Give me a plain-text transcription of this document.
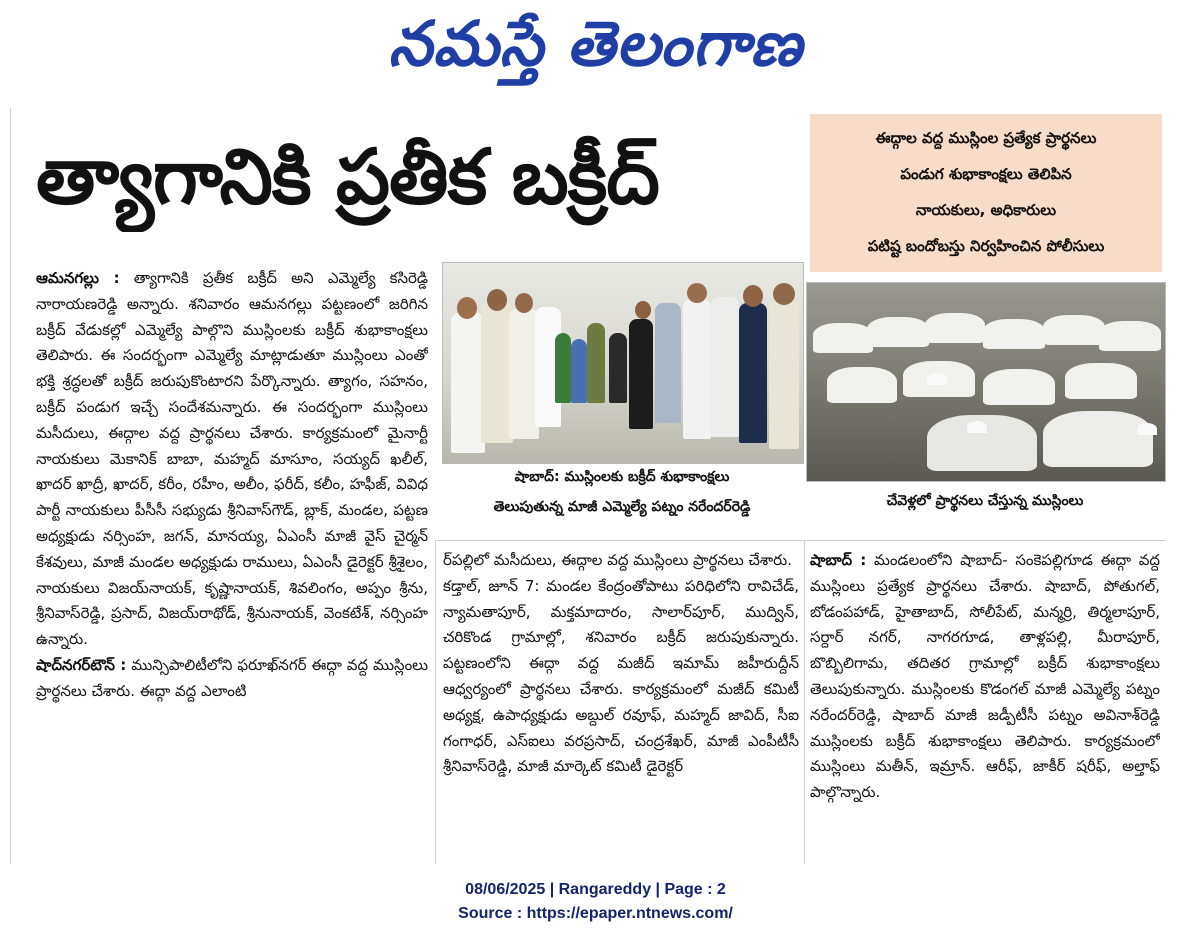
నమస్తే తెలంగాణ
త్యాగానికి ప్రతీక బక్రీద్	ఈద్గాల వద్ద ముస్లింల ప్రత్యేక ప్రార్థనలు
పండుగ శుభాకాంక్షలు తెలిపిన
నాయకులు, అధికారులు
పటిష్ట బందోబస్తు నిర్వహించిన పోలీసులు
షాబాద్: ముస్లింలకు బక్రీద్ శుభాకాంక్షలు
తెలుపుతున్న మాజీ ఎమ్మెల్యే పట్నం నరేందర్‌రెడ్డి	చేవెళ్లలో ప్రార్థనలు చేస్తున్న ముస్లింలు

ఆమనగల్లు : త్యాగానికి ప్రతీక బక్రీద్ అని ఎమ్మెల్యే కసిరెడ్డి నారాయణరెడ్డి అన్నారు. శనివారం ఆమనగల్లు పట్టణంలో జరిగిన బక్రీద్ వేడుకల్లో ఎమ్మెల్యే పాల్గొని ముస్లింలకు బక్రీద్ శుభాకాంక్షలు తెలిపారు. ఈ సందర్భంగా ఎమ్మెల్యే మాట్లాడుతూ ముస్లింలు ఎంతో భక్తి శ్రద్ధలతో బక్రీద్ జరుపుకొంటారని పేర్కొన్నారు. త్యాగం, సహనం, బక్రీద్ పండుగ ఇచ్చే సందేశమన్నారు. ఈ సందర్భంగా ముస్లింలు మసీదులు, ఈద్గాల వద్ద ప్రార్థనలు చేశారు. కార్యక్రమంలో మైనార్టీ నాయకులు మెకానిక్ బాబా, మహ్మద్ మాసూం, సయ్యద్ ఖలీల్, ఖాదర్ ఖాద్రీ, ఖాదర్, కరీం, రహీం, అలీం, ఫరీద్, కలీం, హఫీజ్, వివిధ పార్టీ నాయకులు పీసీసీ సభ్యుడు శ్రీనివాస్‌గౌడ్, బ్లాక్, మండల, పట్టణ అధ్యక్షుడు నర్సింహ, జగన్, మానయ్య, ఏఎంసీ మాజీ వైస్ చైర్మన్ కేశవులు, మాజీ మండల అధ్యక్షుడు రాములు, ఏఎంసీ డైరెక్టర్ శ్రీశైలం, నాయకులు విజయ్‌నాయక్, కృష్ణానాయక్, శివలింగం, అప్పం శ్రీను, శ్రీనివాస్‌రెడ్డి, ప్రసాద్, విజయ్‌రాథోడ్, శ్రీనునాయక్, వెంకటేశ్, నర్సింహ ఉన్నారు.

షాద్‌నగర్‌టౌన్ : మున్సిపాలిటీలోని ఫరూఖ్‌నగర్ ఈద్గా వద్ద ముస్లింలు ప్రార్థనలు చేశారు. ఈద్గా వద్ద ఎలాంటి

ర్‌పల్లిలో మసీదులు, ఈద్గాల వద్ద ముస్లింలు ప్రార్థనలు చేశారు.

కడ్తాల్, జూన్ 7: మండల కేంద్రంతోపాటు పరిధిలోని రావిచేడ్, న్యామతాపూర్, మక్తమాదారం, సాలార్‌పూర్, ముద్విన్, చరికొండ గ్రామాల్లో, శనివారం బక్రీద్ జరుపుకున్నారు. పట్టణంలోని ఈద్గా వద్ద మజీద్ ఇమామ్ జహీరుద్దీన్ ఆధ్వర్యంలో ప్రార్థనలు చేశారు. కార్యక్రమంలో మజీద్ కమిటీ అధ్యక్ష, ఉపాధ్యక్షుడు అబ్దుల్ రవూఫ్, మహ్మద్ జావిద్, సీఐ గంగాధర్, ఎస్‌ఐలు వరప్రసాద్, చంద్రశేఖర్, మాజీ ఎంపీటీసీ శ్రీనివాస్‌రెడ్డి, మాజీ మార్కెట్ కమిటీ డైరెక్టర్

షాబాద్ : మండలంలోని షాబాద్‌- సంకెపల్లిగూడ ఈద్గా వద్ద ముస్లింలు ప్రత్యేక ప్రార్థనలు చేశారు. షాబాద్, పోతుగల్, బోడంపహాడ్, హైతాబాద్, సోలీపేట్, మన్మర్రి, తిర్మలాపూర్, సర్దార్ నగర్, నాగరగూడ, తాళ్లపల్లి, మీరాపూర్, బొబ్బిలిగామ, తదితర గ్రామాల్లో బక్రీద్ శుభాకాంక్షలు తెలుపుకున్నారు. ముస్లింలకు కొడంగల్ మాజీ ఎమ్మెల్యే పట్నం నరేందర్‌రెడ్డి, షాబాద్ మాజీ జడ్పీటీసీ పట్నం అవినాశ్‌రెడ్డి ముస్లింలకు బక్రీద్ శుభాకాంక్షలు తెలిపారు. కార్యక్రమంలో ముస్లింలు మతీన్, ఇమ్రాన్. ఆరీఫ్, జాకీర్ షరీఫ్, అల్తాఫ్ పాల్గొన్నారు.

08/06/2025 | Rangareddy | Page : 2
Source : https://epaper.ntnews.com/
